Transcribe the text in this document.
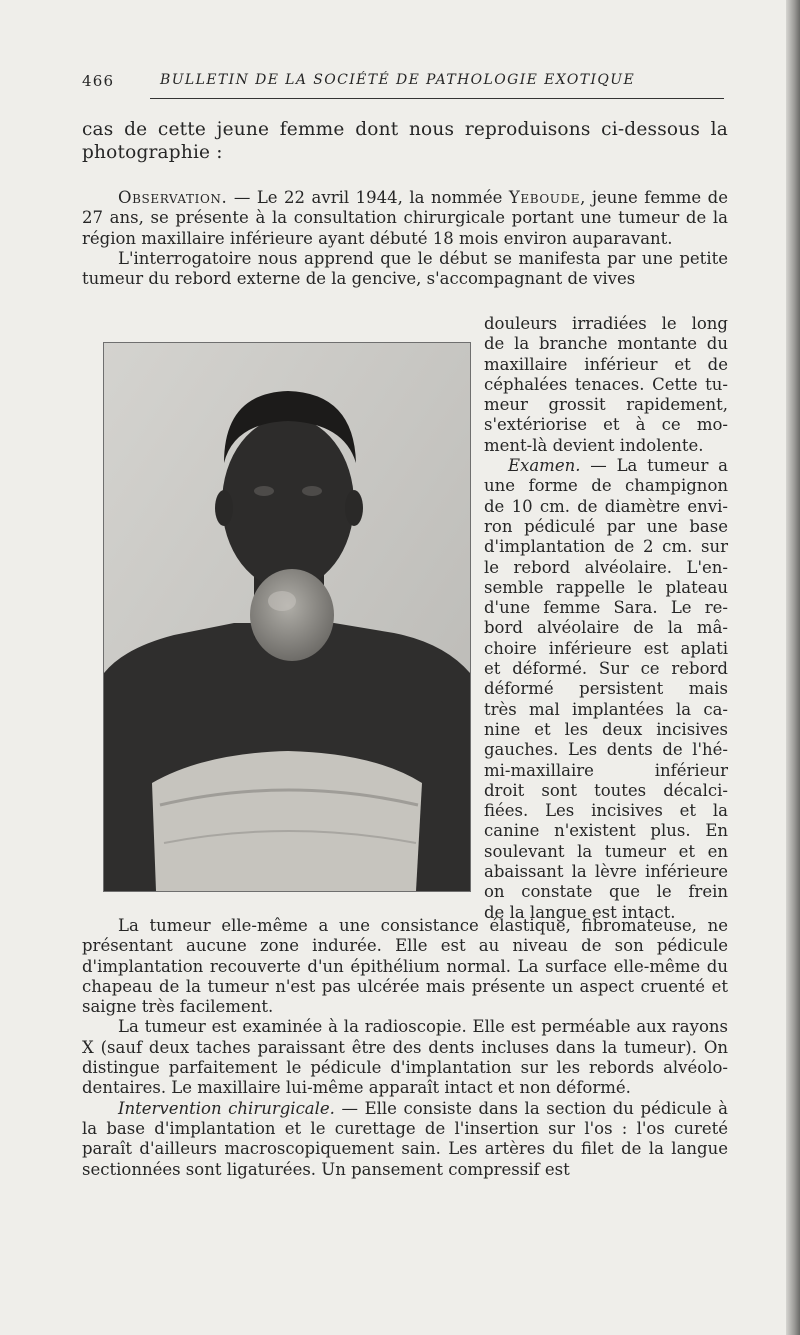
466	BULLETIN DE LA SOCIÉTÉ DE PATHOLOGIE EXOTIQUE

cas de cette jeune femme dont nous reproduisons ci-dessous la photographie :

Observation. — Le 22 avril 1944, la nommée Yeboude, jeune femme de 27 ans, se présente à la consultation chirurgicale portant une tumeur de la région maxillaire inférieure ayant débuté 18 mois environ auparavant.

L'interrogatoire nous apprend que le début se manifesta par une petite tumeur du rebord externe de la gencive, s'accompagnant de vives

douleurs irradiées le long
de la branche montante du
maxillaire inférieur et de
céphalées tenaces. Cette tu-
meur grossit rapidement,
s'extériorise et à ce mo-
ment-là devient indolente.
Examen. — La tumeur a
une forme de champignon
de 10 cm. de diamètre envi-
ron pédiculé par une base
d'implantation de 2 cm. sur
le rebord alvéolaire. L'en-
semble rappelle le plateau
d'une femme Sara. Le re-
bord alvéolaire de la mâ-
choire inférieure est aplati
et déformé. Sur ce rebord
déformé persistent mais
très mal implantées la ca-
nine et les deux incisives
gauches. Les dents de l'hé-
mi-maxillaire inférieur
droit sont toutes décalci-
fiées. Les incisives et la
canine n'existent plus. En
soulevant la tumeur et en
abaissant la lèvre inférieure
on constate que le frein
de la langue est intact.

La tumeur elle-même a une consistance élastique, fibromateuse, ne présentant aucune zone indurée. Elle est au niveau de son pédicule d'implantation recouverte d'un épithélium normal. La surface elle-même du chapeau de la tumeur n'est pas ulcérée mais présente un aspect cruenté et saigne très facilement.

La tumeur est examinée à la radioscopie. Elle est perméable aux rayons X (sauf deux taches paraissant être des dents incluses dans la tumeur). On distingue parfaitement le pédicule d'implantation sur les rebords alvéolo-dentaires. Le maxillaire lui-même apparaît intact et non déformé.

Intervention chirurgicale. — Elle consiste dans la section du pédicule à la base d'implantation et le curettage de l'insertion sur l'os : l'os cureté paraît d'ailleurs macroscopiquement sain. Les artères du filet de la langue sectionnées sont ligaturées. Un pansement compressif est
